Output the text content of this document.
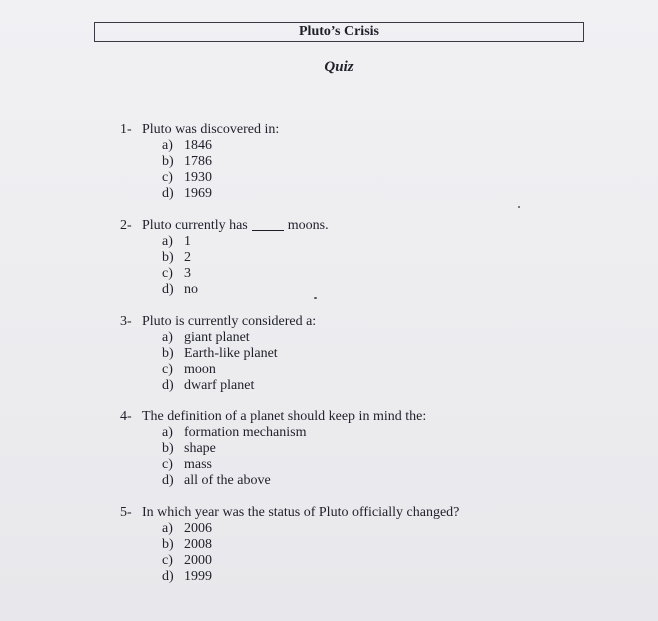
Pluto’s Crisis
Quiz
1- Pluto was discovered in:
a) 1846
b) 1786
c) 1930
d) 1969
2- Pluto currently has	moons.
a) 1
b) 2
c) 3
d) no
3- Pluto is currently considered a:
a) giant planet
b) Earth-like planet
c) moon
d) dwarf planet
4- The definition of a planet should keep in mind the:
a) formation mechanism
b) shape
c) mass
d) all of the above
5- In which year was the status of Pluto officially changed?
a) 2006
b) 2008
c) 2000
d) 1999
